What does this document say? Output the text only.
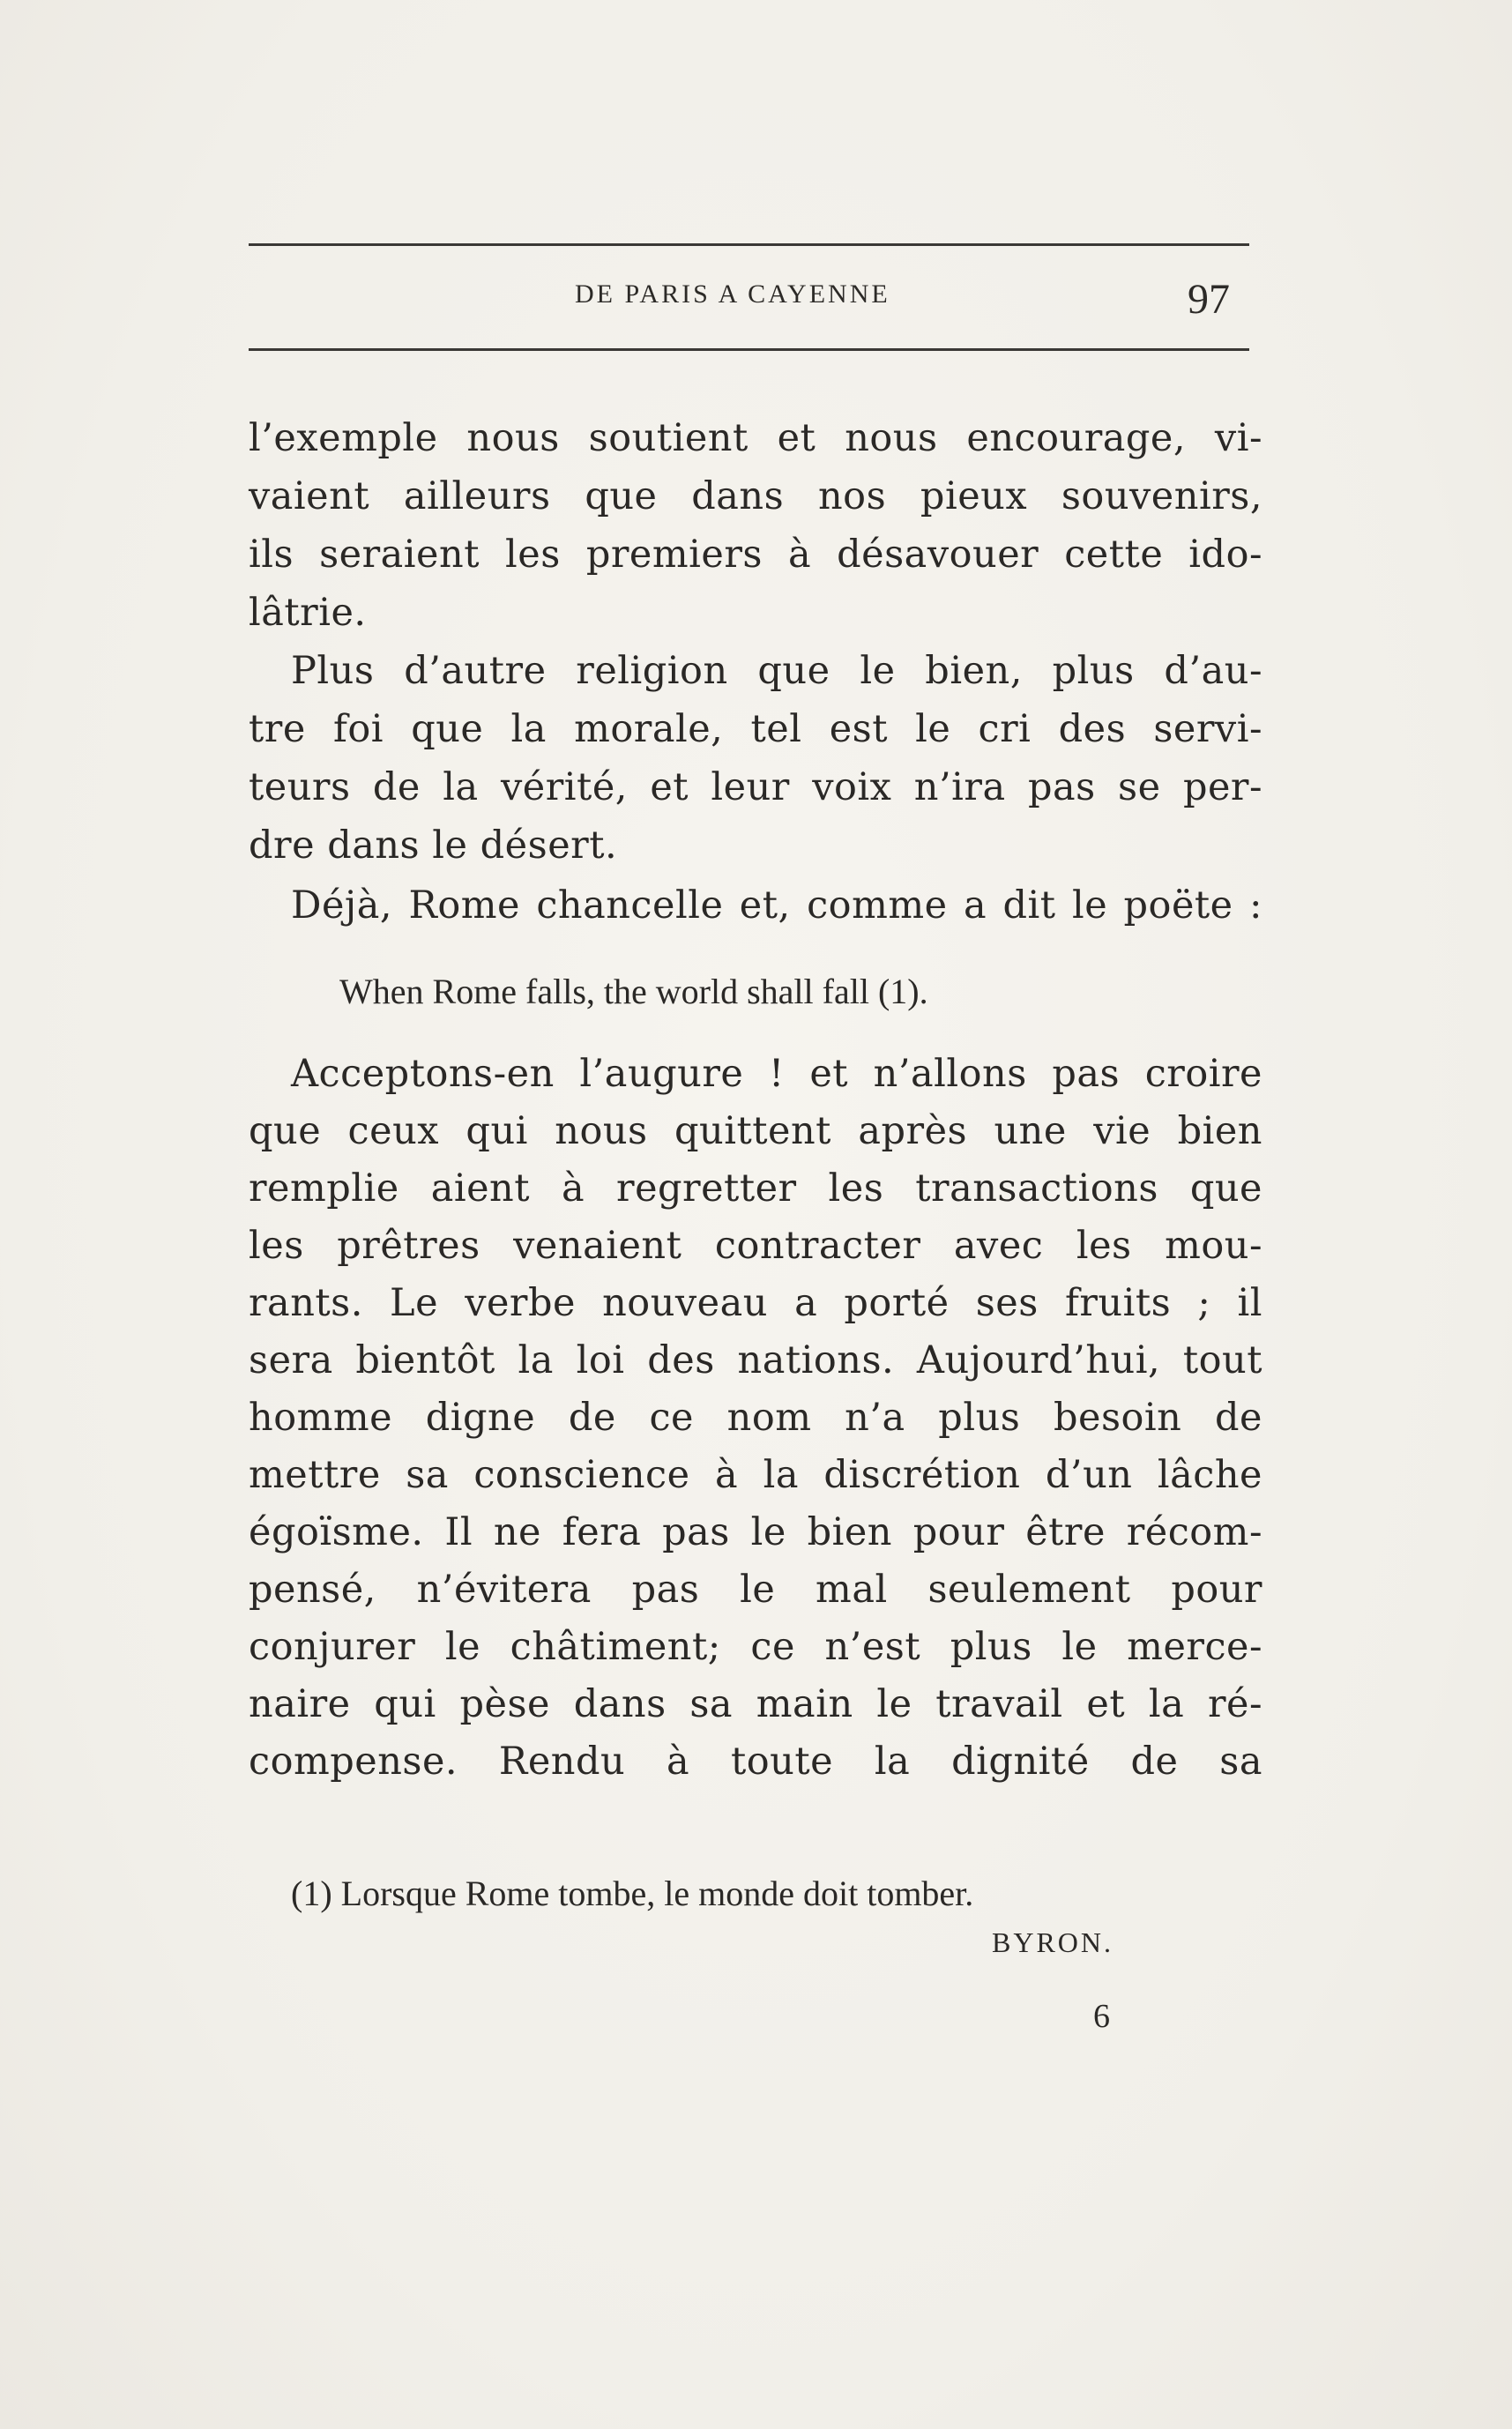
DE PARIS A CAYENNE	97
l’exemple nous soutient et nous encourage, vi-
vaient ailleurs que dans nos pieux souvenirs,
ils seraient les premiers à désavouer cette ido-
lâtrie.
Plus d’autre religion que le bien, plus d’au-
tre foi que la morale, tel est le cri des servi-
teurs de la vérité, et leur voix n’ira pas se per-
dre dans le désert.
Déjà, Rome chancelle et, comme a dit le poëte :
When Rome falls, the world shall fall (1).
Acceptons-en l’augure ! et n’allons pas croire
que ceux qui nous quittent après une vie bien
remplie aient à regretter les transactions que
les prêtres venaient contracter avec les mou-
rants. Le verbe nouveau a porté ses fruits ; il
sera bientôt la loi des nations. Aujourd’hui, tout
homme digne de ce nom n’a plus besoin de
mettre sa conscience à la discrétion d’un lâche
égoïsme. Il ne fera pas le bien pour être récom-
pensé, n’évitera pas le mal seulement pour
conjurer le châtiment; ce n’est plus le merce-
naire qui pèse dans sa main le travail et la ré-
compense. Rendu à toute la dignité de sa
(1) Lorsque Rome tombe, le monde doit tomber.
BYRON.
6
